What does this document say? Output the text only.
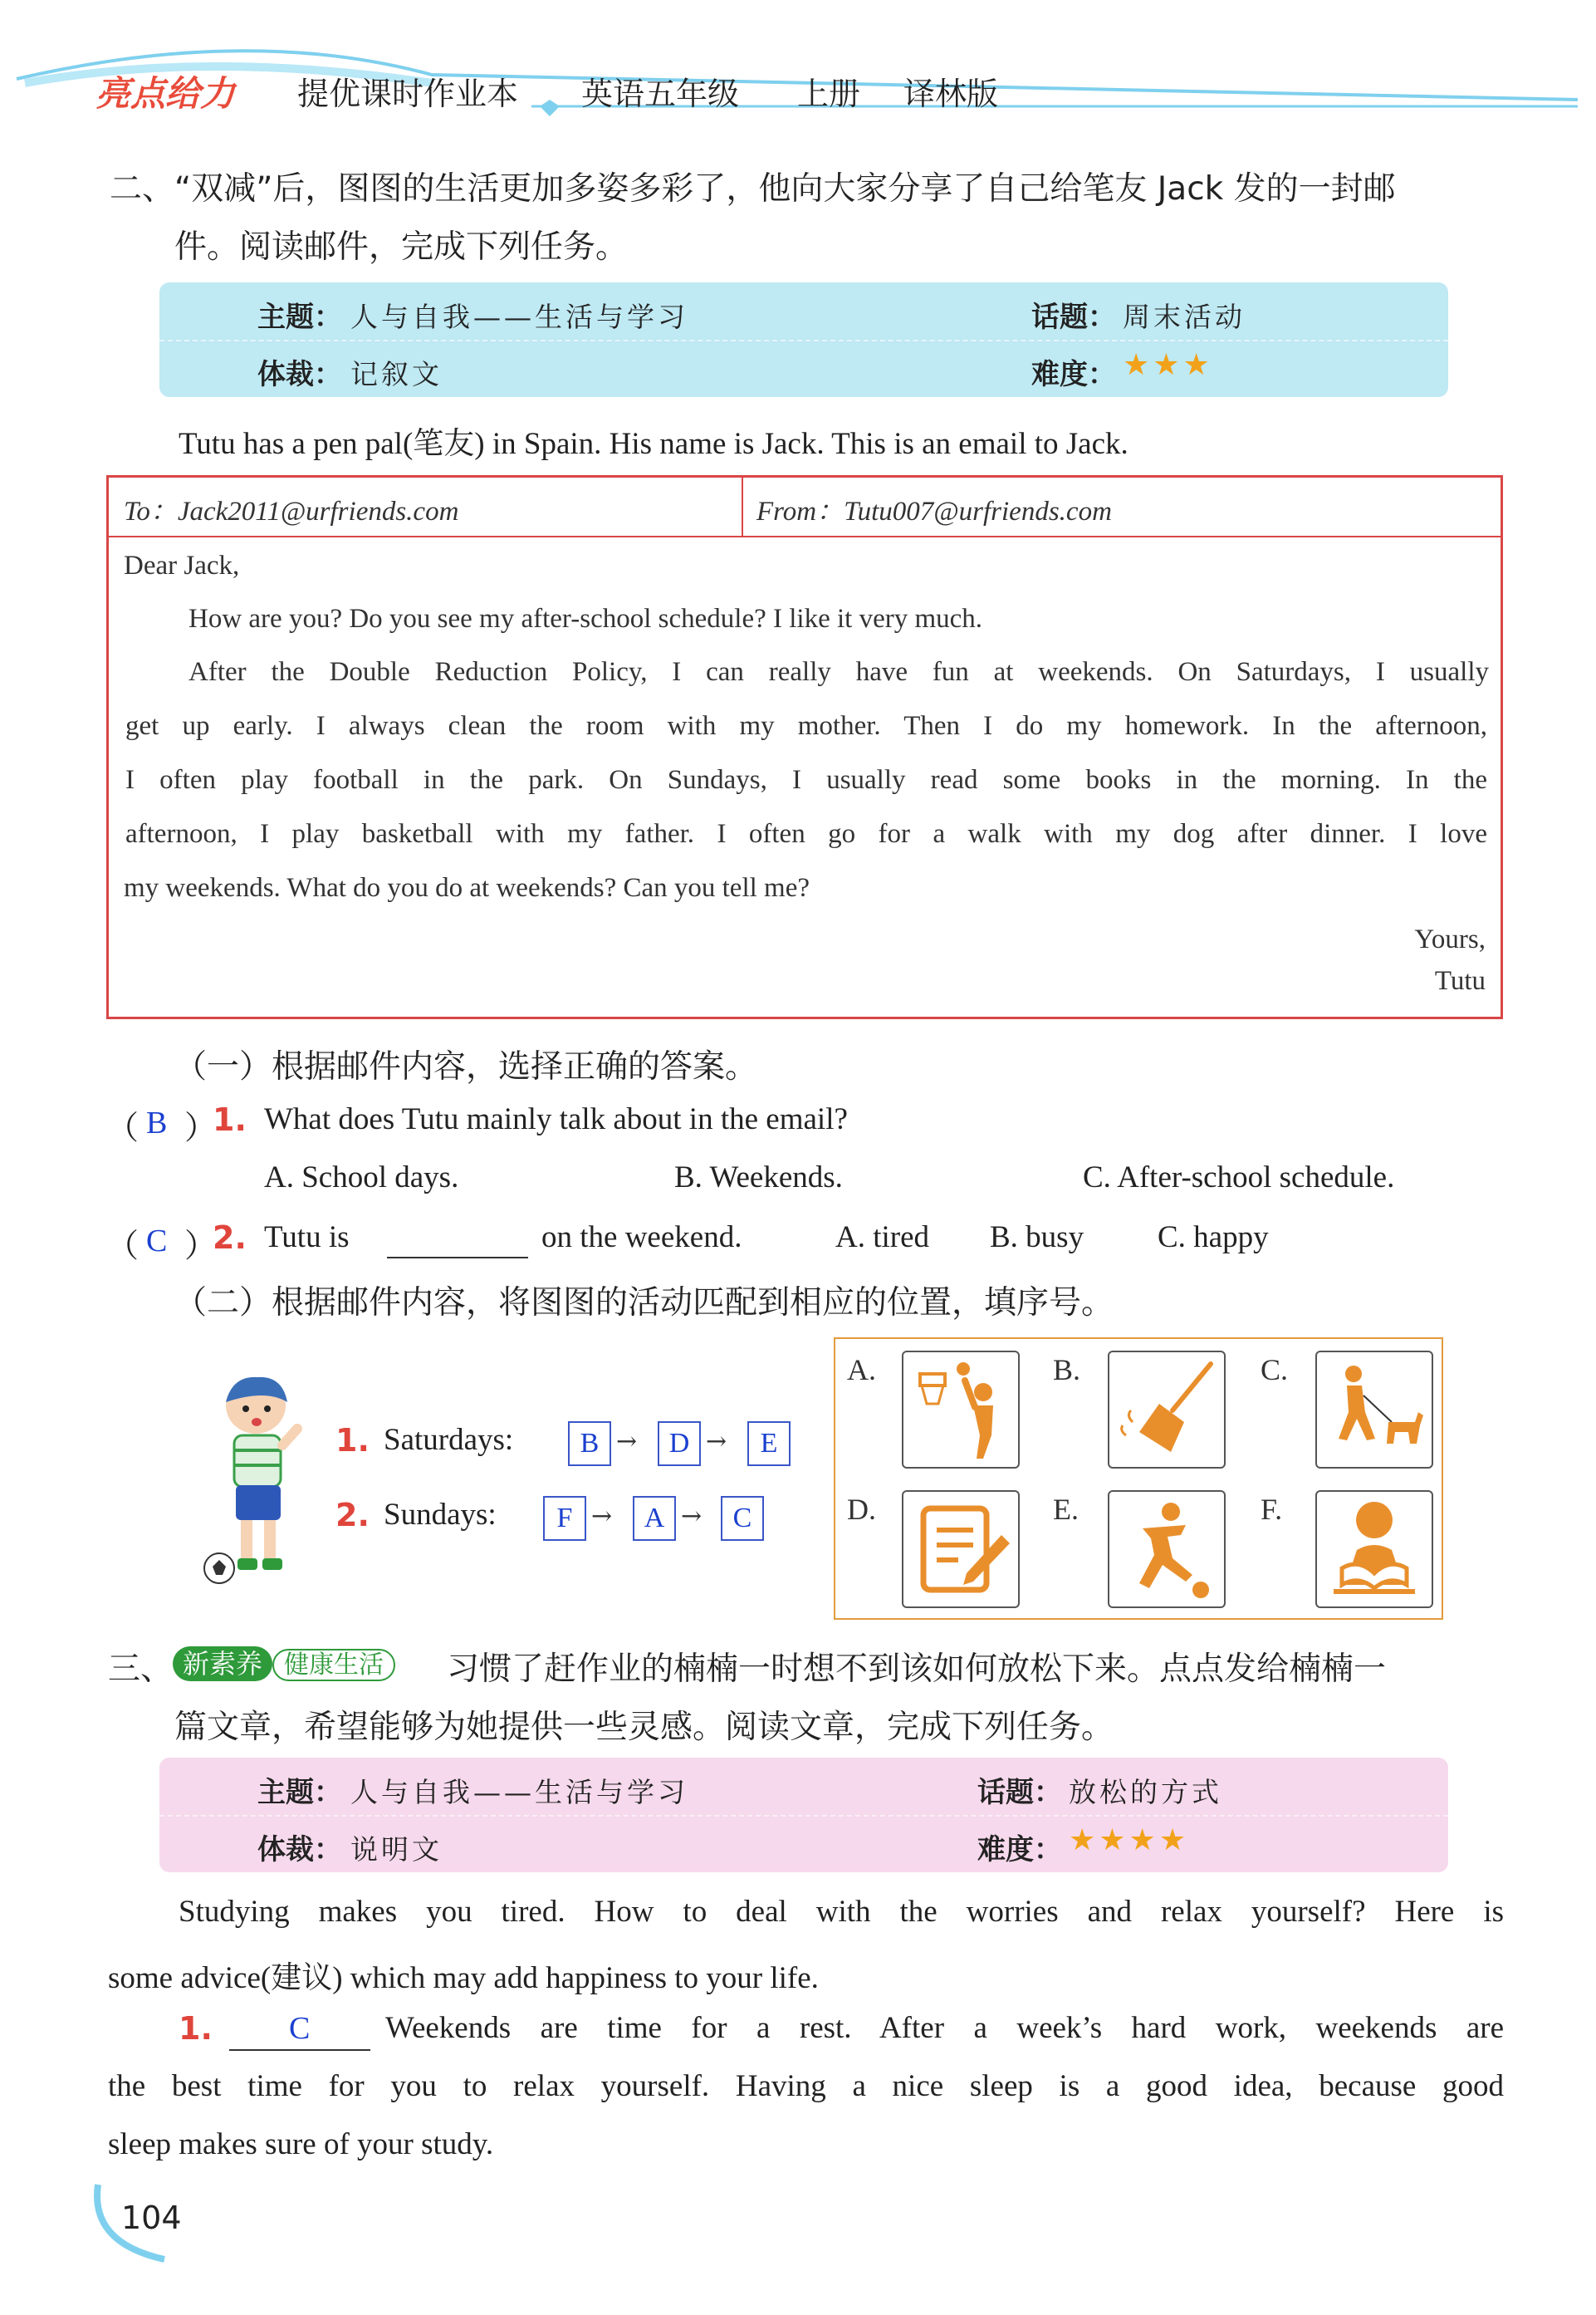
亮点给力 提优课时作业本 英语五年级 上册 译林版
二、“双减”后，图图的生活更加多姿多彩了，他向大家分享了自己给笔友 Jack 发的一封邮
件。阅读邮件，完成下列任务。
主题： 人与自我——生活与学习	话题： 周末活动
体裁： 记叙文	难度： ★★★
Tutu has a pen pal(笔友) in Spain. His name is Jack. This is an email to Jack.
To：Jack2011@urfriends.com	From：Tutu007@urfriends.com
Dear Jack,
How are you? Do you see my after-school schedule? I like it very much.
After the Double Reduction Policy, I can really have fun at weekends. On Saturdays, I usually
get up early. I always clean the room with my mother. Then I do my homework. In the afternoon,
I often play football in the park. On Sundays, I usually read some books in the morning. In the
afternoon, I play basketball with my father. I often go for a walk with my dog after dinner. I love
my weekends. What do you do at weekends? Can you tell me?
Yours,
Tutu
（一）根据邮件内容，选择正确的答案。
（ B ）
1. What does Tutu mainly talk about in the email?
A. School days.	B. Weekends.	C. After-school schedule.
（ C ）
2. Tutu is	on the weekend.	A. tired B. busy C. happy
（二）根据邮件内容，将图图的活动匹配到相应的位置，填序号。
1. Saturdays:	B →	D →	E
2. Sundays:	F →	A →	C
A.	B.	C.
D.	E.	F.
三、 新素养 健康生活	习惯了赶作业的楠楠一时想不到该如何放松下来。点点发给楠楠一
篇文章，希望能够为她提供一些灵感。阅读文章，完成下列任务。
主题： 人与自我——生活与学习	话题： 放松的方式
体裁： 说明文	难度： ★★★★
Studying makes you tired. How to deal with the worries and relax yourself? Here is
some advice(建议) which may add happiness to your life.
1. C Weekends are time for a rest. After a week’s hard work, weekends are
the best time for you to relax yourself. Having a nice sleep is a good idea, because good
sleep makes sure of your study.
104
